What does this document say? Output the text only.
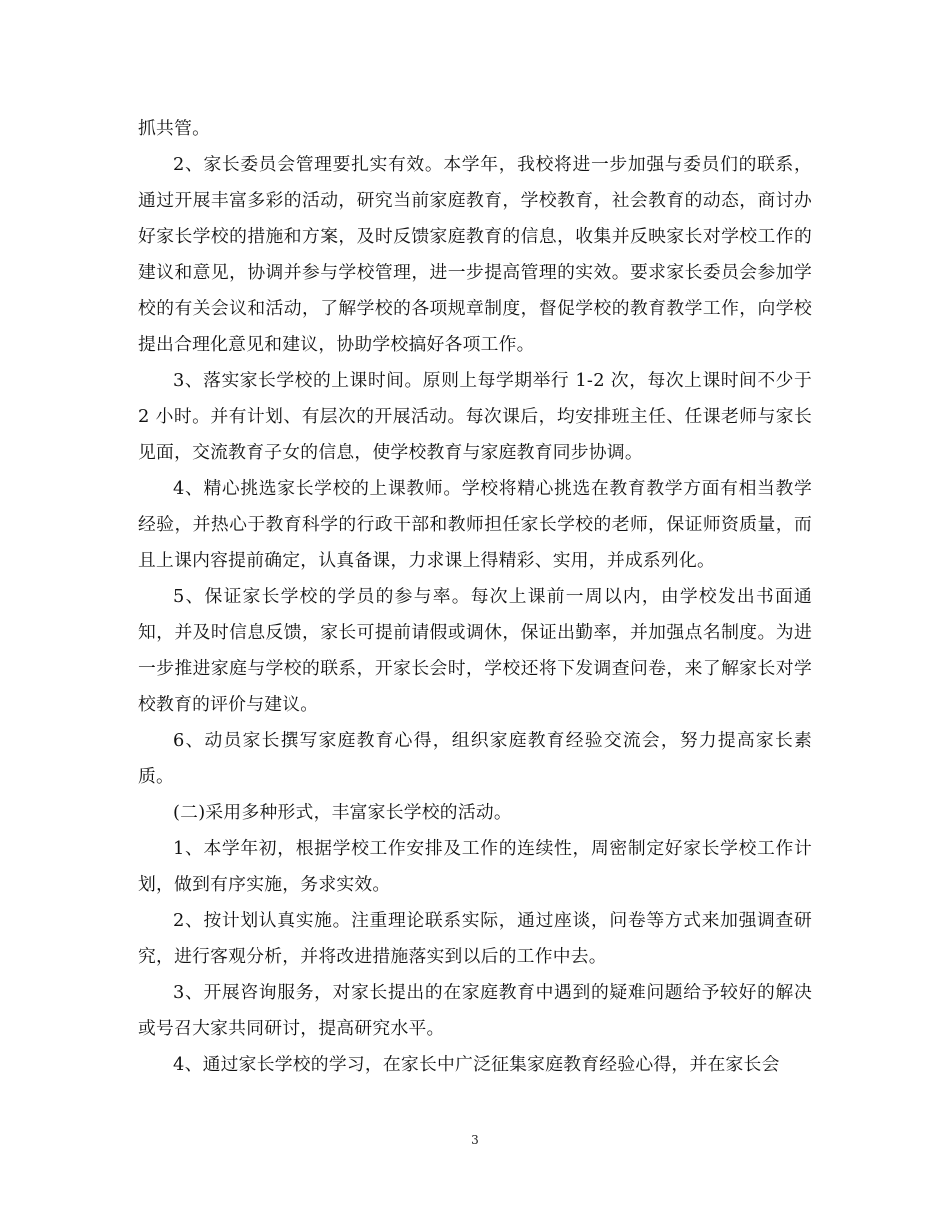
抓共管。

2、家长委员会管理要扎实有效。本学年，我校将进一步加强与委员们的联系，通过开展丰富多彩的活动，研究当前家庭教育，学校教育，社会教育的动态，商讨办好家长学校的措施和方案，及时反馈家庭教育的信息，收集并反映家长对学校工作的建议和意见，协调并参与学校管理，进一步提高管理的实效。要求家长委员会参加学校的有关会议和活动，了解学校的各项规章制度，督促学校的教育教学工作，向学校提出合理化意见和建议，协助学校搞好各项工作。

3、落实家长学校的上课时间。原则上每学期举行 1-2 次，每次上课时间不少于 2 小时。并有计划、有层次的开展活动。每次课后，均安排班主任、任课老师与家长见面，交流教育子女的信息，使学校教育与家庭教育同步协调。

4、精心挑选家长学校的上课教师。学校将精心挑选在教育教学方面有相当教学经验，并热心于教育科学的行政干部和教师担任家长学校的老师，保证师资质量，而且上课内容提前确定，认真备课，力求课上得精彩、实用，并成系列化。

5、保证家长学校的学员的参与率。每次上课前一周以内，由学校发出书面通知，并及时信息反馈，家长可提前请假或调休，保证出勤率，并加强点名制度。为进一步推进家庭与学校的联系，开家长会时，学校还将下发调查问卷，来了解家长对学校教育的评价与建议。

6、动员家长撰写家庭教育心得，组织家庭教育经验交流会，努力提高家长素质。

(二)采用多种形式，丰富家长学校的活动。

1、本学年初，根据学校工作安排及工作的连续性，周密制定好家长学校工作计划，做到有序实施，务求实效。

2、按计划认真实施。注重理论联系实际，通过座谈，问卷等方式来加强调查研究，进行客观分析，并将改进措施落实到以后的工作中去。

3、开展咨询服务，对家长提出的在家庭教育中遇到的疑难问题给予较好的解决或号召大家共同研讨，提高研究水平。

4、通过家长学校的学习，在家长中广泛征集家庭教育经验心得，并在家长会

3
